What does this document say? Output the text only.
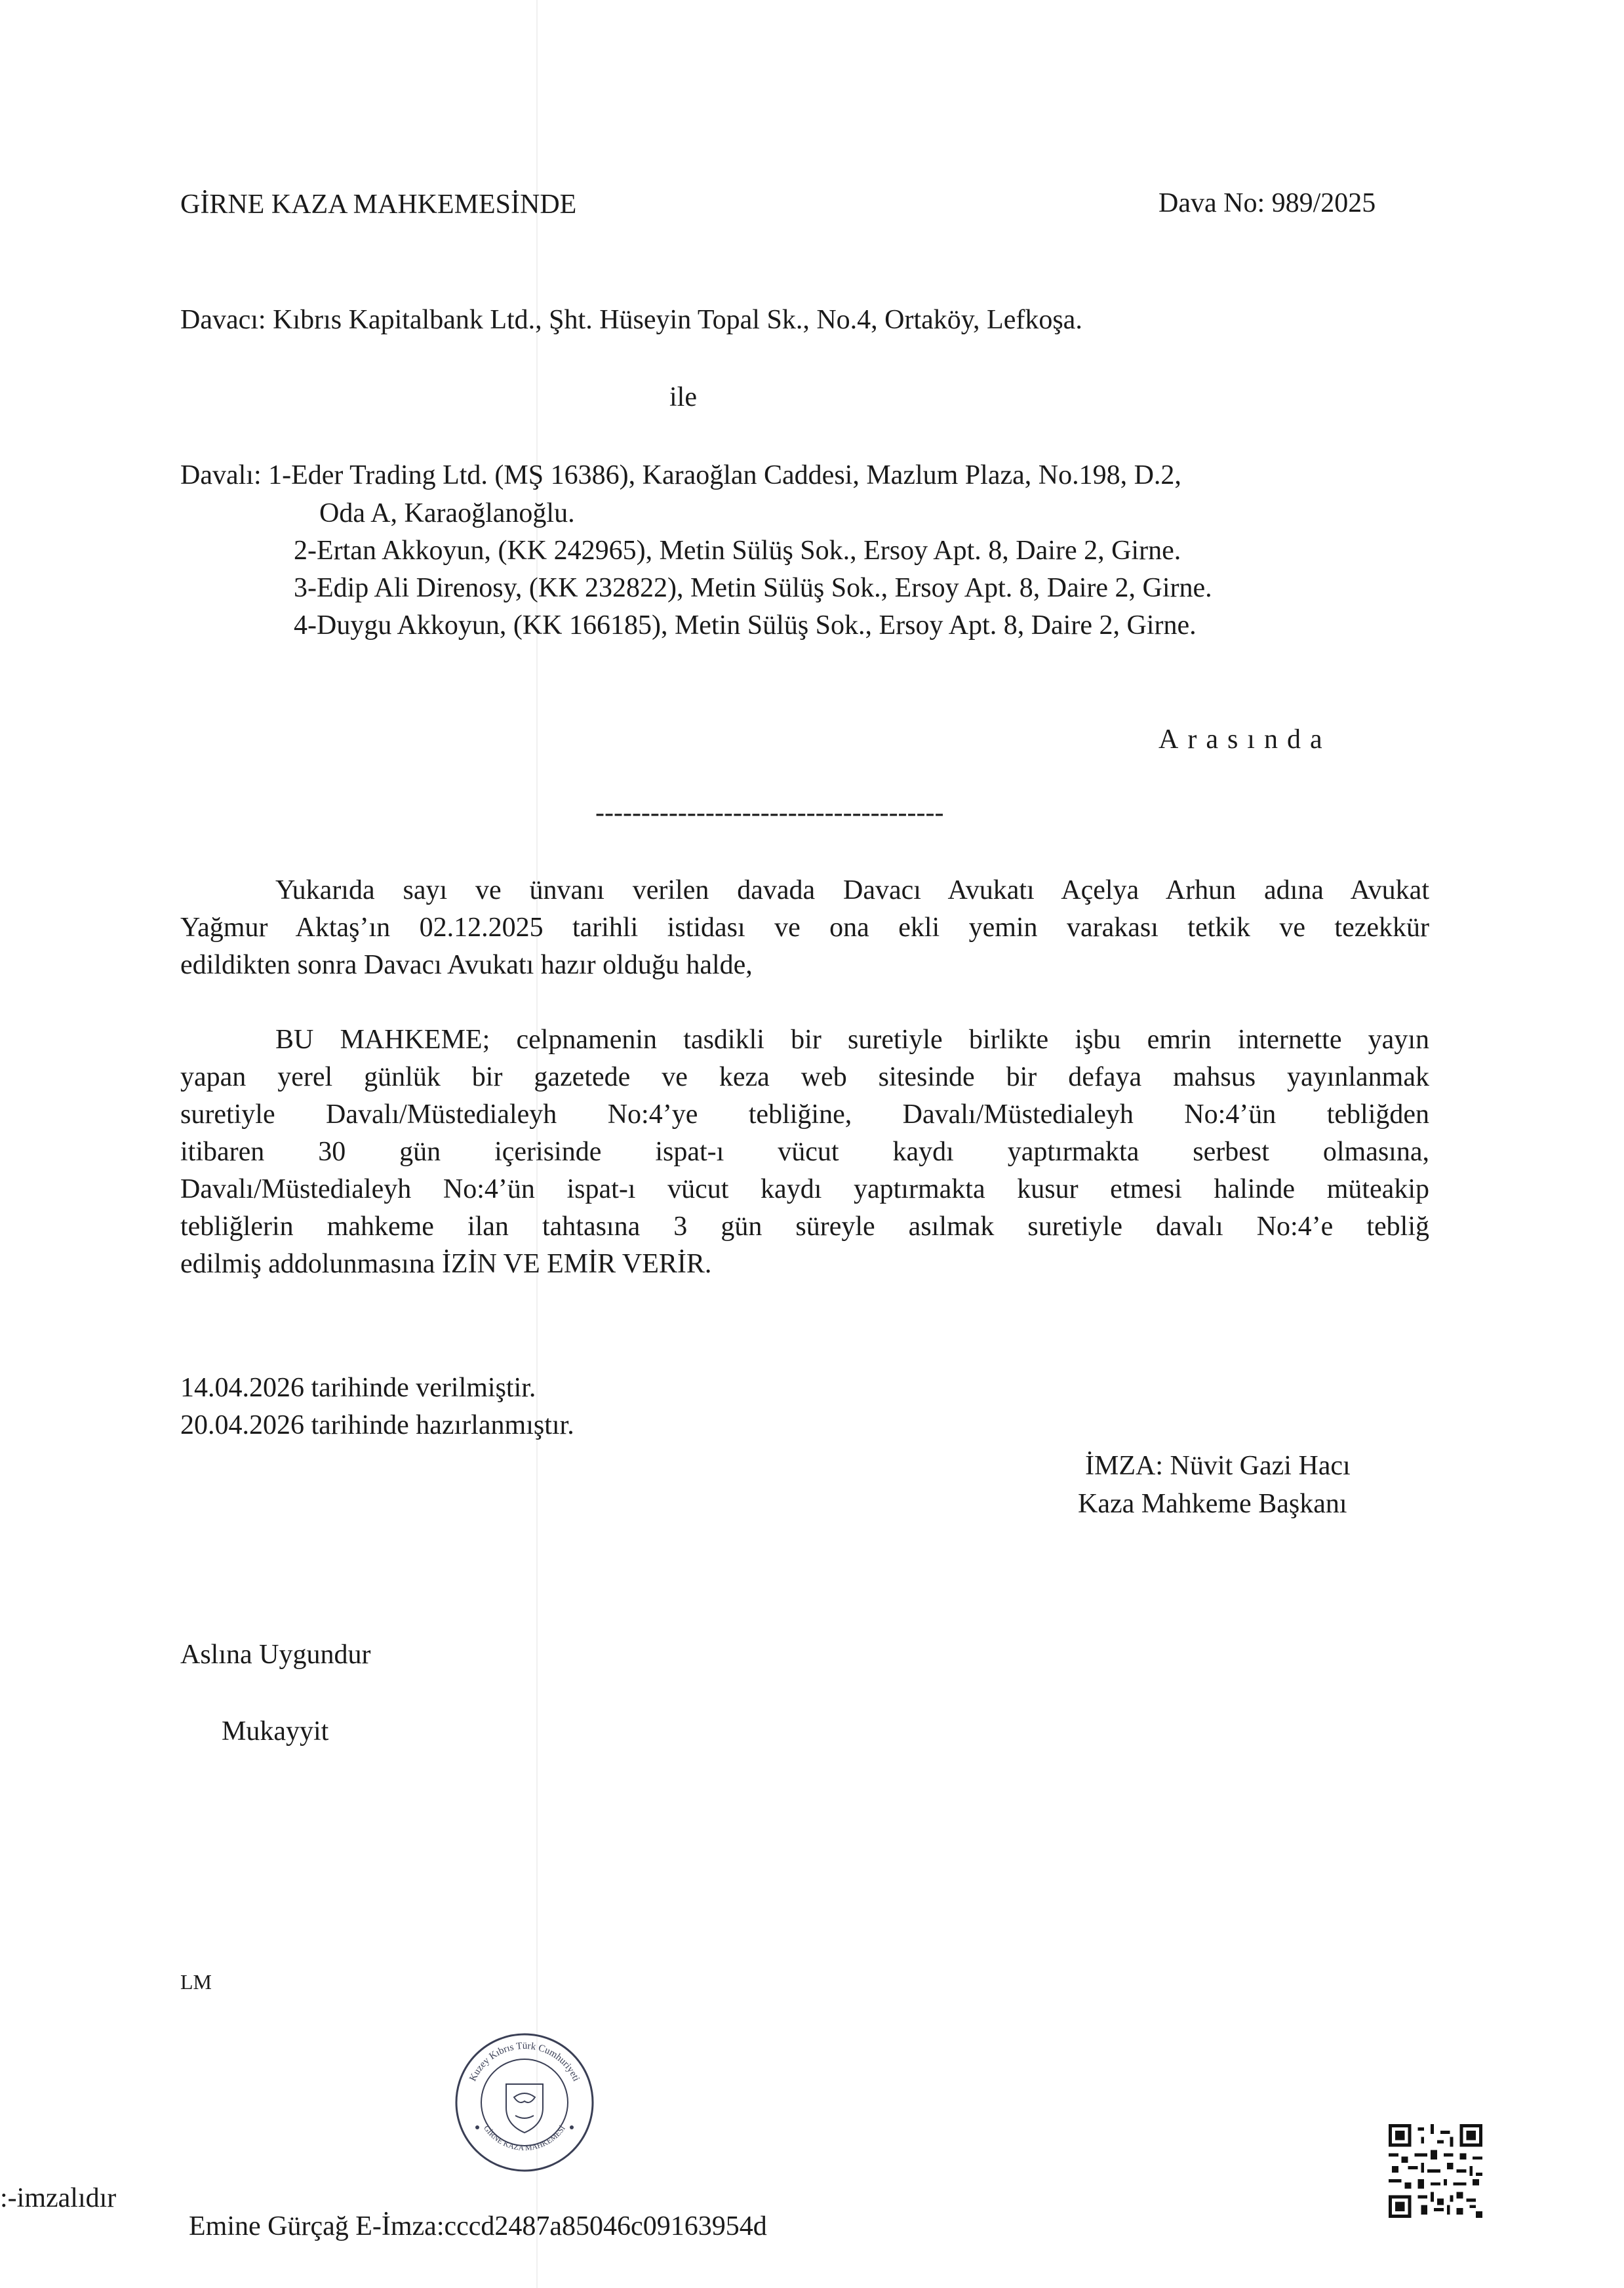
GİRNE KAZA MAHKEMESİNDE	Dava No: 989/2025

Davacı: Kıbrıs Kapitalbank Ltd., Şht. Hüseyin Topal Sk., No.4, Ortaköy, Lefkoşa.

ile

Davalı: 1-Eder Trading Ltd. (MŞ 16386), Karaoğlan Caddesi, Mazlum Plaza, No.198, D.2,

Oda A, Karaoğlanoğlu.

2-Ertan Akkoyun, (KK 242965), Metin Sülüş Sok., Ersoy Apt. 8, Daire 2, Girne.

3-Edip Ali Direnosy, (KK 232822), Metin Sülüş Sok., Ersoy Apt. 8, Daire 2, Girne.

4-Duygu Akkoyun, (KK 166185), Metin Sülüş Sok., Ersoy Apt. 8, Daire 2, Girne.

Arasında

--------------------------------------

Yukarıda sayı ve ünvanı verilen davada Davacı Avukatı Açelya Arhun adına Avukat
Yağmur Aktaş’ın 02.12.2025 tarihli istidası ve ona ekli yemin varakası tetkik ve tezekkür
edildikten sonra Davacı Avukatı hazır olduğu halde,
BU MAHKEME; celpnamenin tasdikli bir suretiyle birlikte işbu emrin internette yayın
yapan yerel günlük bir gazetede ve keza web sitesinde bir defaya mahsus yayınlanmak
suretiyle Davalı/Müstedialeyh No:4’ye tebliğine, Davalı/Müstedialeyh No:4’ün tebliğden
itibaren 30 gün içerisinde ispat-ı vücut kaydı yaptırmakta serbest olmasına,
Davalı/Müstedialeyh No:4’ün ispat-ı vücut kaydı yaptırmakta kusur etmesi halinde müteakip
tebliğlerin mahkeme ilan tahtasına 3 gün süreyle asılmak suretiyle davalı No:4’e tebliğ
edilmiş addolunmasına İZİN VE EMİR VERİR.

14.04.2026 tarihinde verilmiştir.

20.04.2026 tarihinde hazırlanmıştır.

İMZA: Nüvit Gazi Hacı

Kaza Mahkeme Başkanı

Aslına Uygundur

Mukayyit

LM

Kuzey Kıbrıs Türk Cumhuriyeti
GİRNE KAZA MAHKEMESİ

:-imzalıdır

Emine Gürçağ E-İmza:cccd2487a85046c09163954d
